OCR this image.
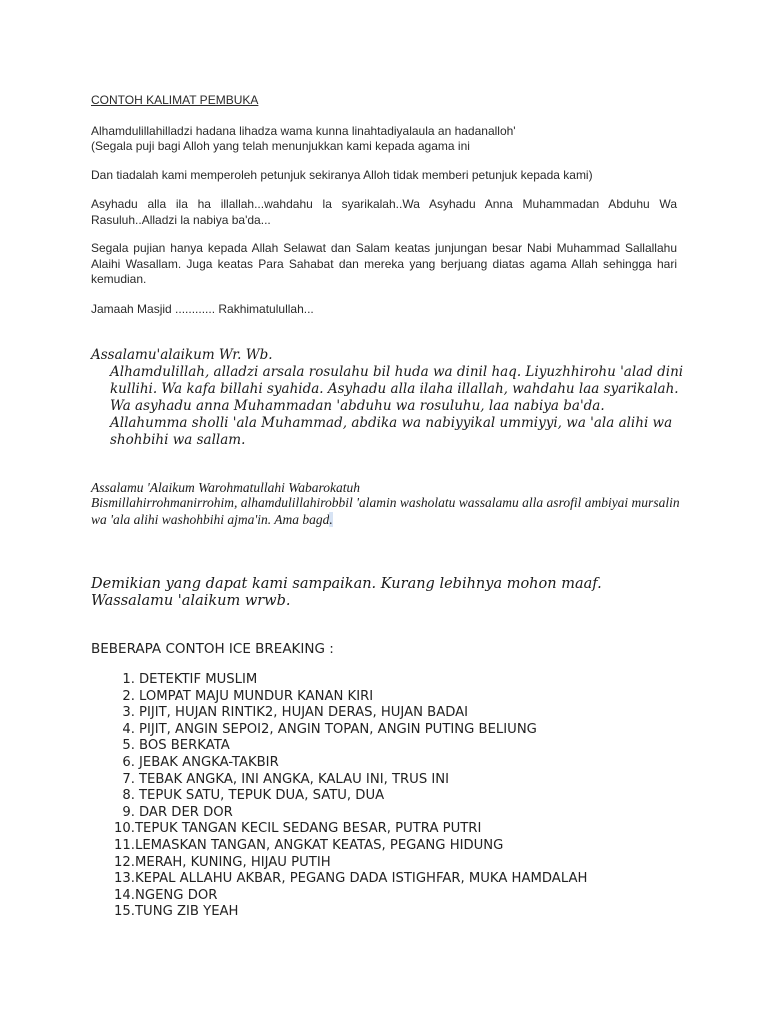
CONTOH KALIMAT PEMBUKA
Alhamdulillahilladzi hadana lihadza wama kunna linahtadiyalaula an hadanalloh'
(Segala puji bagi Alloh yang telah menunjukkan kami kepada agama ini
Dan tiadalah kami memperoleh petunjuk sekiranya Alloh tidak memberi petunjuk kepada kami)
Asyhadu alla ila ha illallah...wahdahu la syarikalah..Wa Asyhadu Anna Muhammadan Abduhu Wa Rasuluh..Alladzi la nabiya ba'da...
Segala pujian hanya kepada Allah Selawat dan Salam keatas junjungan besar Nabi Muhammad Sallallahu Alaihi Wasallam. Juga keatas Para Sahabat dan mereka yang berjuang diatas agama Allah sehingga hari kemudian.
Jamaah Masjid ............ Rakhimatulullah...
Assalamu'alaikum Wr. Wb.
Alhamdulillah, alladzi arsala rosulahu bil huda wa dinil haq. Liyuzhhirohu 'alad dini kullihi. Wa kafa billahi syahida. Asyhadu alla ilaha illallah, wahdahu laa syarikalah. Wa asyhadu anna Muhammadan 'abduhu wa rosuluhu, laa nabiya ba'da. Allahumma sholli 'ala Muhammad, abdika wa nabiyyikal ummiyyi, wa 'ala alihi wa shohbihi wa sallam.
Assalamu 'Alaikum Warohmatullahi Wabarokatuh
Bismillahirrohmanirrohim, alhamdulillahirobbil 'alamin washolatu wassalamu alla asrofil ambiyai mursalin wa 'ala alihi washohbihi ajma'in. Ama bagd.
Demikian yang dapat kami sampaikan. Kurang lebihnya mohon maaf. Wassalamu 'alaikum wrwb.
BEBERAPA CONTOH ICE BREAKING :
1. DETEKTIF MUSLIM
2. LOMPAT MAJU MUNDUR KANAN KIRI
3. PIJIT, HUJAN RINTIK2, HUJAN DERAS, HUJAN BADAI
4. PIJIT, ANGIN SEPOI2, ANGIN TOPAN, ANGIN PUTING BELIUNG
5. BOS BERKATA
6. JEBAK ANGKA-TAKBIR
7. TEBAK ANGKA, INI ANGKA, KALAU INI, TRUS INI
8. TEPUK SATU, TEPUK DUA, SATU, DUA
9. DAR DER DOR
10. TEPUK TANGAN KECIL SEDANG BESAR, PUTRA PUTRI
11. LEMASKAN TANGAN, ANGKAT KEATAS, PEGANG HIDUNG
12. MERAH, KUNING, HIJAU PUTIH
13. KEPAL ALLAHU AKBAR, PEGANG DADA ISTIGHFAR, MUKA HAMDALAH
14. NGENG DOR
15. TUNG ZIB YEAH
